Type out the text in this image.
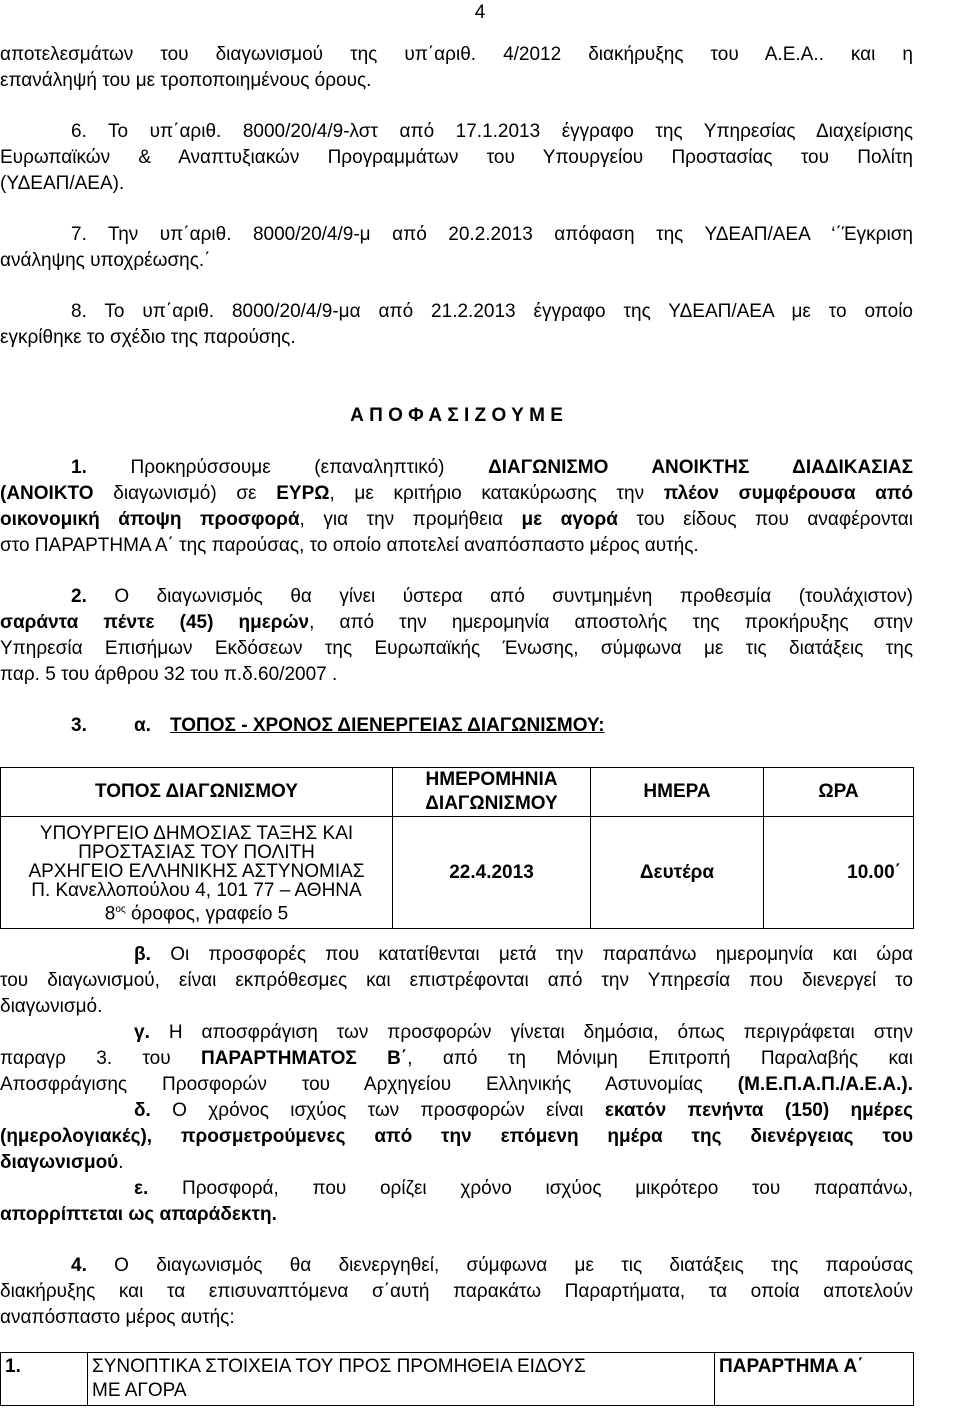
4
αποτελεσμάτων του διαγωνισμού της υπ΄αριθ. 4/2012 διακήρυξης του Α.Ε.Α.. και η
επανάληψή του με τροποποιημένους όρους.
6. Το υπ΄αριθ. 8000/20/4/9-λστ από 17.1.2013 έγγραφο της Υπηρεσίας Διαχείρισης
Ευρωπαϊκών & Αναπτυξιακών Προγραμμάτων του Υπουργείου Προστασίας του Πολίτη
(ΥΔΕΑΠ/ΑΕΑ).
7. Την υπ΄αριθ. 8000/20/4/9-μ από 20.2.2013 απόφαση της ΥΔΕΑΠ/ΑΕΑ ‘΄Έγκριση
ανάληψης υποχρέωσης.΄
8. Το υπ΄αριθ. 8000/20/4/9-μα από 21.2.2013 έγγραφο της ΥΔΕΑΠ/ΑΕΑ με το οποίο
εγκρίθηκε το σχέδιο της παρούσης.
Α Π Ο Φ Α Σ Ι Ζ Ο Υ Μ Ε
1. Προκηρύσσουμε (επαναληπτικό) ΔΙΑΓΩΝΙΣΜΟ ΑΝΟΙΚΤΗΣ ΔΙΑΔΙΚΑΣΙΑΣ
(ΑΝΟΙΚΤΟ διαγωνισμό) σε ΕΥΡΩ, με κριτήριο κατακύρωσης την πλέον συμφέρουσα από
οικονομική άποψη προσφορά, για την προμήθεια με αγορά του είδους που αναφέρονται
στο ΠΑΡΑΡΤΗΜΑ Α΄ της παρούσας, το οποίο αποτελεί αναπόσπαστο μέρος αυτής.
2. Ο διαγωνισμός θα γίνει ύστερα από συντμημένη προθεσμία (τουλάχιστον)
σαράντα πέντε (45) ημερών, από την ημερομηνία αποστολής της προκήρυξης στην
Υπηρεσία Επισήμων Εκδόσεων της Ευρωπαϊκής Ένωσης, σύμφωνα με τις διατάξεις της
παρ. 5 του άρθρου 32 του π.δ.60/2007 .
3. α. ΤΟΠΟΣ - ΧΡΟΝΟΣ ΔΙΕΝΕΡΓΕΙΑΣ ΔΙΑΓΩΝΙΣΜΟΥ:
ΤΟΠΟΣ ΔΙΑΓΩΝΙΣΜΟΥ	ΗΜΕΡΟΜΗΝΙΑ
ΔΙΑΓΩΝΙΣΜΟΥ	ΗΜΕΡΑ	ΩΡΑ

ΥΠΟΥΡΓΕΙΟ ΔΗΜΟΣΙΑΣ ΤΑΞΗΣ ΚΑΙ
ΠΡΟΣΤΑΣΙΑΣ ΤΟΥ ΠΟΛΙΤΗ
ΑΡΧΗΓΕΙΟ ΕΛΛΗΝΙΚΗΣ ΑΣΤΥΝΟΜΙΑΣ
Π. Κανελλοπούλου 4, 101 77 – ΑΘΗΝΑ
$8^{o\varsigma}$ όροφος, γραφείο 5	22.4.2013	Δευτέρα	10.00΄
β. Οι προσφορές που κατατίθενται μετά την παραπάνω ημερομηνία και ώρα
του διαγωνισμού, είναι εκπρόθεσμες και επιστρέφονται από την Υπηρεσία που διενεργεί το
διαγωνισμό.
γ. Η αποσφράγιση των προσφορών γίνεται δημόσια, όπως περιγράφεται στην
παραγρ 3. του ΠΑΡΑΡΤΗΜΑΤΟΣ Β΄, από τη Μόνιμη Επιτροπή Παραλαβής και
Αποσφράγισης Προσφορών του Αρχηγείου Ελληνικής Αστυνομίας (Μ.Ε.Π.Α.Π./Α.Ε.Α.).
δ. Ο χρόνος ισχύος των προσφορών είναι εκατόν πενήντα (150) ημέρες
(ημερολογιακές), προσμετρούμενες από την επόμενη ημέρα της διενέργειας του
διαγωνισμού.
ε. Προσφορά, που ορίζει χρόνο ισχύος μικρότερο του παραπάνω,
απορρίπτεται ως απαράδεκτη.
4. Ο διαγωνισμός θα διενεργηθεί, σύμφωνα με τις διατάξεις της παρούσας
διακήρυξης και τα επισυναπτόμενα σ΄αυτή παρακάτω Παραρτήματα, τα οποία αποτελούν
αναπόσπαστο μέρος αυτής:
1.	ΣΥΝΟΠΤΙΚΑ ΣΤΟΙΧΕΙΑ ΤΟΥ ΠΡΟΣ ΠΡΟΜΗΘΕΙΑ ΕΙΔΟΥΣ
ΜΕ ΑΓΟΡΑ
	ΠΑΡΑΡΤΗΜΑ Α΄
